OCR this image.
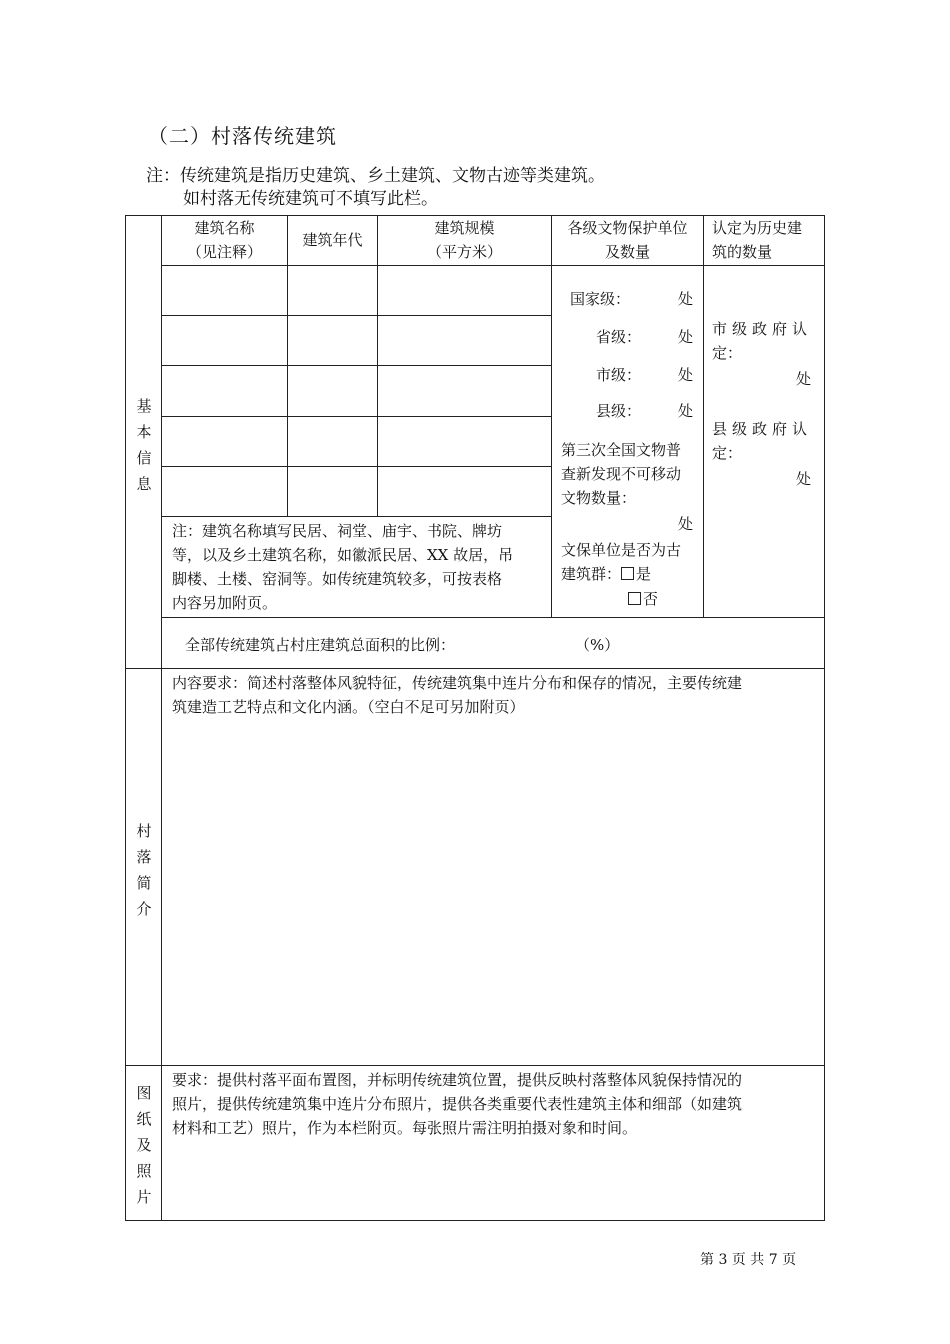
（二）村落传统建筑
注：传统建筑是指历史建筑、乡土建筑、文物古迹等类建筑。
如村落无传统建筑可不填写此栏。
基
本
信
息
村
落
简
介
图
纸
及
照
片
建筑名称
（见注释）
建筑年代
建筑规模
（平方米）
各级文物保护单位
及数量
认定为历史建
筑的数量
注：建筑名称填写民居、祠堂、庙宇、书院、牌坊
等，以及乡土建筑名称，如徽派民居、XX 故居，吊
脚楼、土楼、窑洞等。如传统建筑较多，可按表格
内容另加附页。
国家级：	处
省级： 处
市级： 处
县级： 处
第三次全国文物普
查新发现不可移动
文物数量：
处
文保单位是否为古
建筑群： 是
否
市级政府认
定：
处
县级政府认
定：
处
全部传统建筑占村庄建筑总面积的比例：	（%）
内容要求：简述村落整体风貌特征，传统建筑集中连片分布和保存的情况，主要传统建
筑建造工艺特点和文化内涵。（空白不足可另加附页）
要求：提供村落平面布置图，并标明传统建筑位置，提供反映村落整体风貌保持情况的
照片，提供传统建筑集中连片分布照片，提供各类重要代表性建筑主体和细部（如建筑
材料和工艺）照片，作为本栏附页。每张照片需注明拍摄对象和时间。
第 3 页 共 7 页
